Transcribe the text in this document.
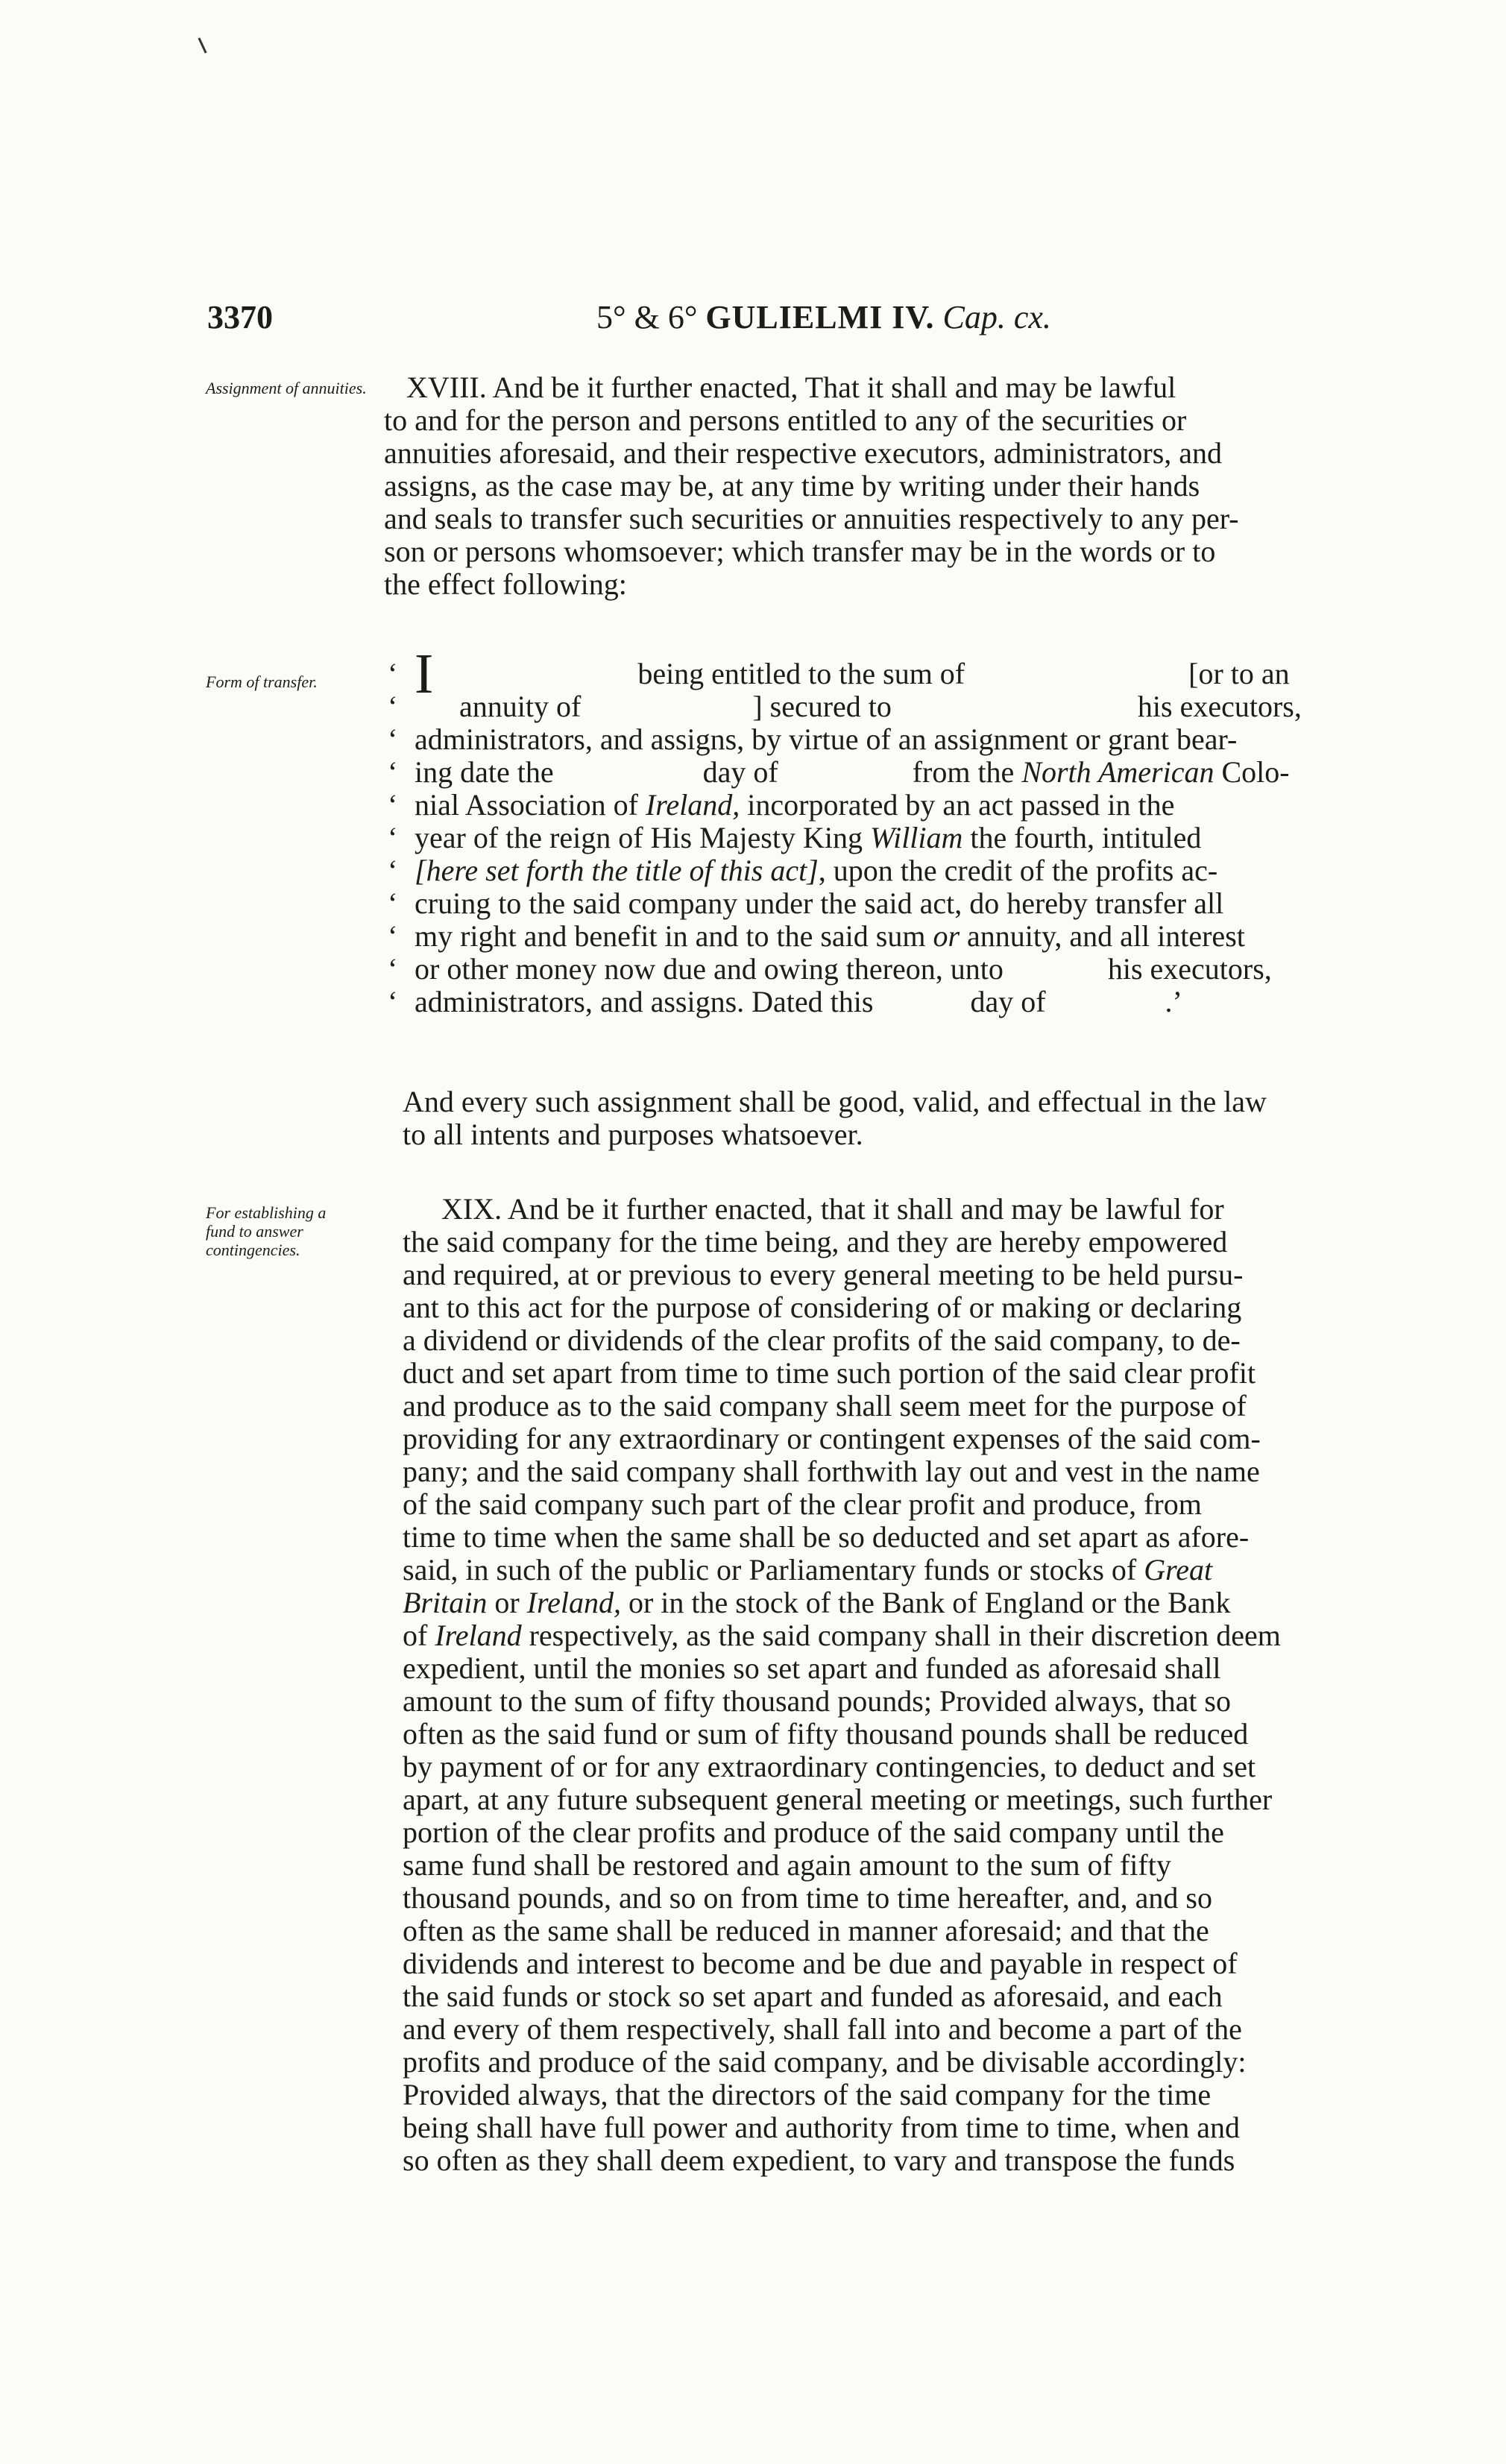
3370	5° & 6° GULIELMI IV. Cap. cx.
Assignment of annuities.
Form of transfer.
For establishing a fund to answer contingencies.
XVIII. And be it further enacted, That it shall and may be lawful
to and for the person and persons entitled to any of the securities or
annuities aforesaid, and their respective executors, administrators, and
assigns, as the case may be, at any time by writing under their hands
and seals to transfer such securities or annuities respectively to any per-
son or persons whomsoever; which transfer may be in the words or to
the effect following:
‘ I	being entitled to the sum of	[or to an
‘ annuity of	] secured to	his executors,
‘ administrators, and assigns, by virtue of an assignment or grant bear-
‘ ing date the	day of	from the North American Colo-
‘ nial Association of Ireland, incorporated by an act passed in the
‘ year of the reign of His Majesty King William the fourth, intituled
‘ [here set forth the title of this act], upon the credit of the profits ac-
‘ cruing to the said company under the said act, do hereby transfer all
‘ my right and benefit in and to the said sum or annuity, and all interest
‘ or other money now due and owing thereon, unto	his executors,
‘ administrators, and assigns. Dated this	day of	.’
And every such assignment shall be good, valid, and effectual in the law
to all intents and purposes whatsoever.
XIX. And be it further enacted, that it shall and may be lawful for
the said company for the time being, and they are hereby empowered
and required, at or previous to every general meeting to be held pursu-
ant to this act for the purpose of considering of or making or declaring
a dividend or dividends of the clear profits of the said company, to de-
duct and set apart from time to time such portion of the said clear profit
and produce as to the said company shall seem meet for the purpose of
providing for any extraordinary or contingent expenses of the said com-
pany; and the said company shall forthwith lay out and vest in the name
of the said company such part of the clear profit and produce, from
time to time when the same shall be so deducted and set apart as afore-
said, in such of the public or Parliamentary funds or stocks of Great
Britain or Ireland, or in the stock of the Bank of England or the Bank
of Ireland respectively, as the said company shall in their discretion deem
expedient, until the monies so set apart and funded as aforesaid shall
amount to the sum of fifty thousand pounds; Provided always, that so
often as the said fund or sum of fifty thousand pounds shall be reduced
by payment of or for any extraordinary contingencies, to deduct and set
apart, at any future subsequent general meeting or meetings, such further
portion of the clear profits and produce of the said company until the
same fund shall be restored and again amount to the sum of fifty
thousand pounds, and so on from time to time hereafter, and, and so
often as the same shall be reduced in manner aforesaid; and that the
dividends and interest to become and be due and payable in respect of
the said funds or stock so set apart and funded as aforesaid, and each
and every of them respectively, shall fall into and become a part of the
profits and produce of the said company, and be divisable accordingly:
Provided always, that the directors of the said company for the time
being shall have full power and authority from time to time, when and
so often as they shall deem expedient, to vary and transpose the funds
